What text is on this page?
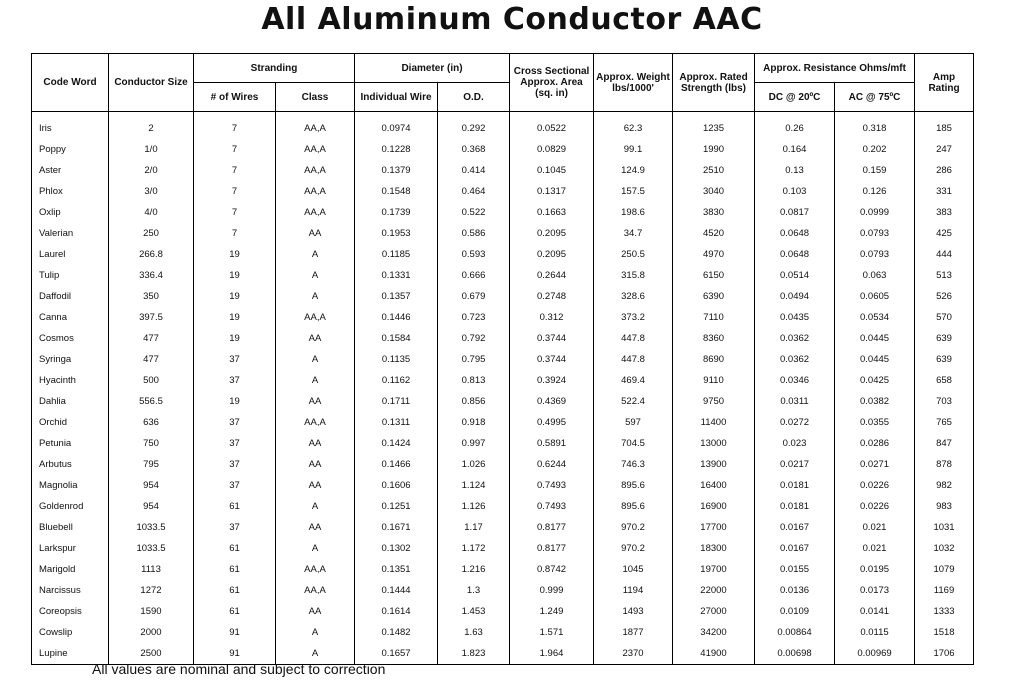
All Aluminum Conductor AAC
Code Word	Conductor Size	Stranding		Diameter (in)		Cross Sectional Approx. Area (sq. in)	Approx. Weight lbs/1000'	Approx. Rated Strength (lbs)	Approx. Resistance Ohms/mft		Amp Rating
		# of Wires	Class	Individual Wire	O.D.				DC @ 20ºC	AC @ 75ºC	
Iris	2	7	AA,A	0.0974	0.292	0.0522	62.3	1235	0.26	0.318	185
Poppy	1/0	7	AA,A	0.1228	0.368	0.0829	99.1	1990	0.164	0.202	247
Aster	2/0	7	AA,A	0.1379	0.414	0.1045	124.9	2510	0.13	0.159	286
Phlox	3/0	7	AA,A	0.1548	0.464	0.1317	157.5	3040	0.103	0.126	331
Oxlip	4/0	7	AA,A	0.1739	0.522	0.1663	198.6	3830	0.0817	0.0999	383
Valerian	250	7	AA	0.1953	0.586	0.2095	34.7	4520	0.0648	0.0793	425
Laurel	266.8	19	A	0.1185	0.593	0.2095	250.5	4970	0.0648	0.0793	444
Tulip	336.4	19	A	0.1331	0.666	0.2644	315.8	6150	0.0514	0.063	513
Daffodil	350	19	A	0.1357	0.679	0.2748	328.6	6390	0.0494	0.0605	526
Canna	397.5	19	AA,A	0.1446	0.723	0.312	373.2	7110	0.0435	0.0534	570
Cosmos	477	19	AA	0.1584	0.792	0.3744	447.8	8360	0.0362	0.0445	639
Syringa	477	37	A	0.1135	0.795	0.3744	447.8	8690	0.0362	0.0445	639
Hyacinth	500	37	A	0.1162	0.813	0.3924	469.4	9110	0.0346	0.0425	658
Dahlia	556.5	19	AA	0.1711	0.856	0.4369	522.4	9750	0.0311	0.0382	703
Orchid	636	37	AA,A	0.1311	0.918	0.4995	597	11400	0.0272	0.0355	765
Petunia	750	37	AA	0.1424	0.997	0.5891	704.5	13000	0.023	0.0286	847
Arbutus	795	37	AA	0.1466	1.026	0.6244	746.3	13900	0.0217	0.0271	878
Magnolia	954	37	AA	0.1606	1.124	0.7493	895.6	16400	0.0181	0.0226	982
Goldenrod	954	61	A	0.1251	1.126	0.7493	895.6	16900	0.0181	0.0226	983
Bluebell	1033.5	37	AA	0.1671	1.17	0.8177	970.2	17700	0.0167	0.021	1031
Larkspur	1033.5	61	A	0.1302	1.172	0.8177	970.2	18300	0.0167	0.021	1032
Marigold	1113	61	AA,A	0.1351	1.216	0.8742	1045	19700	0.0155	0.0195	1079
Narcissus	1272	61	AA,A	0.1444	1.3	0.999	1194	22000	0.0136	0.0173	1169
Coreopsis	1590	61	AA	0.1614	1.453	1.249	1493	27000	0.0109	0.0141	1333
Cowslip	2000	91	A	0.1482	1.63	1.571	1877	34200	0.00864	0.0115	1518
Lupine	2500	91	A	0.1657	1.823	1.964	2370	41900	0.00698	0.00969	1706
All values are nominal and subject to correction
